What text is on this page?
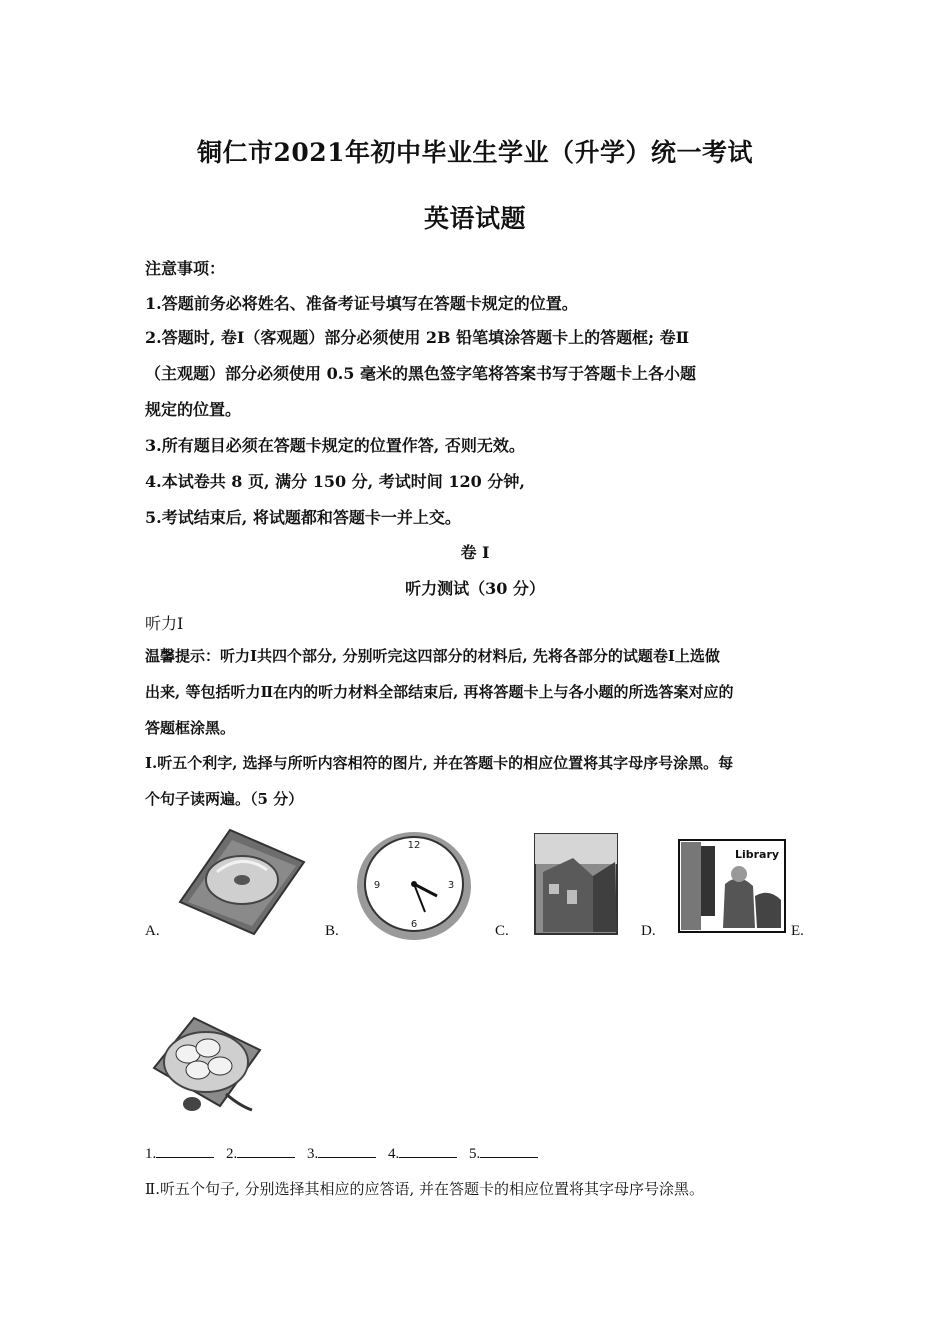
铜仁市2021年初中毕业生学业（升学）统一考试
英语试题
注意事项：
1.答题前务必将姓名、准备考证号填写在答题卡规定的位置。
2.答题时, 卷Ⅰ（客观题）部分必须使用 2B 铅笔填涂答题卡上的答题框; 卷Ⅱ
（主观题）部分必须使用 0.5 毫米的黑色签字笔将答案书写于答题卡上各小题
规定的位置。
3.所有题目必须在答题卡规定的位置作答, 否则无效。
4.本试卷共 8 页, 满分 150 分, 考试时间 120 分钟,
5.考试结束后, 将试题都和答题卡一并上交。
卷 I
听力测试（30 分）
听力Ⅰ
温馨提示：听力Ⅰ共四个部分, 分别听完这四部分的材料后, 先将各部分的试题卷Ⅰ上选做
出来, 等包括听力Ⅱ在内的听力材料全部结束后, 再将答题卡上与各小题的所选答案对应的
答题框涂黑。
I.听五个利字, 选择与所听内容相符的图片, 并在答题卡的相应位置将其字母序号涂黑。每
个句子读两遍。（5 分）
A.
12
3
6
9
B.	C.
Library
D.	E.
1.	2.	3.	4.	5.
Ⅱ.听五个句子, 分别选择其相应的应答语, 并在答题卡的相应位置将其字母序号涂黑。
